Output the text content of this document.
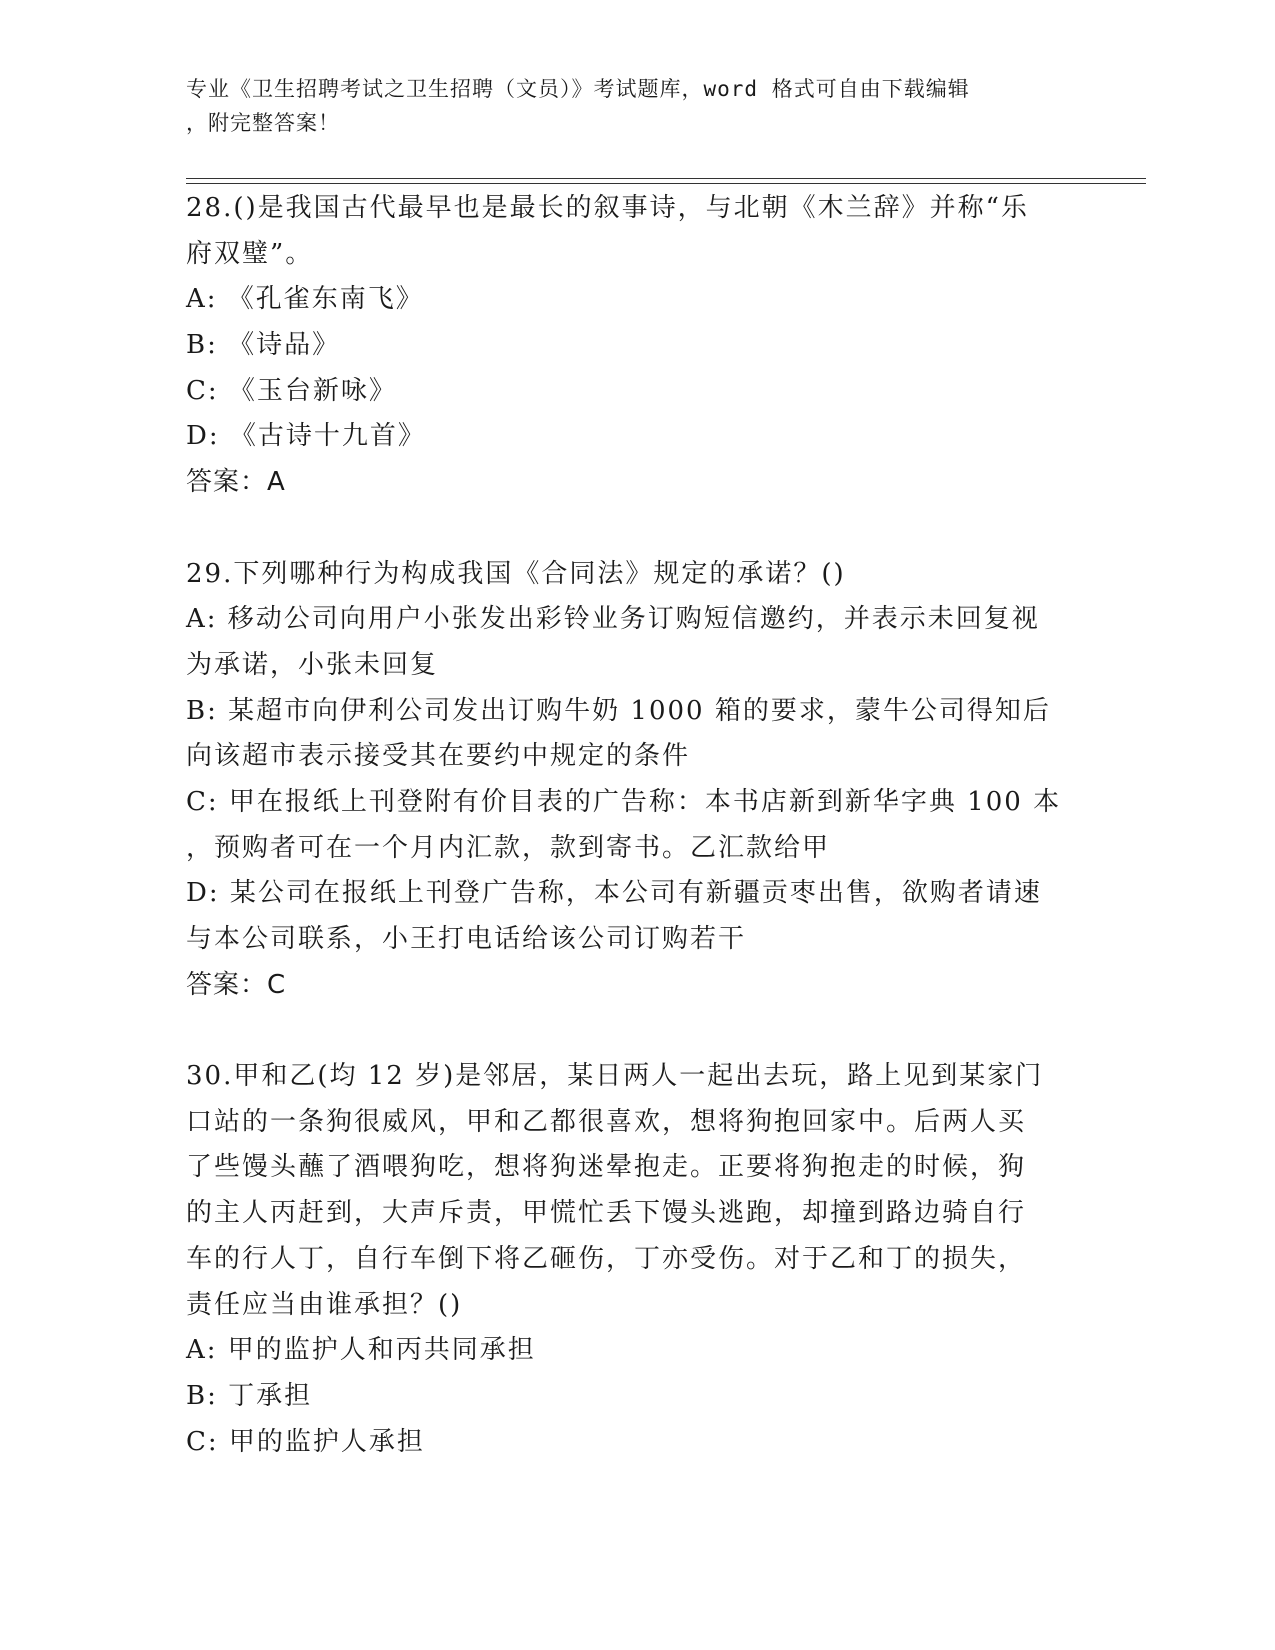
专业《卫生招聘考试之卫生招聘（文员）》考试题库，word 格式可自由下载编辑
，附完整答案！
28.()是我国古代最早也是最长的叙事诗，与北朝《木兰辞》并称“乐
府双璧”。
A: 《孔雀东南飞》
B: 《诗品》
C: 《玉台新咏》
D: 《古诗十九首》
答案：A
29.下列哪种行为构成我国《合同法》规定的承诺？()
A: 移动公司向用户小张发出彩铃业务订购短信邀约，并表示未回复视
为承诺，小张未回复
B: 某超市向伊利公司发出订购牛奶 1000 箱的要求，蒙牛公司得知后
向该超市表示接受其在要约中规定的条件
C: 甲在报纸上刊登附有价目表的广告称：本书店新到新华字典 100 本
，预购者可在一个月内汇款，款到寄书。乙汇款给甲
D: 某公司在报纸上刊登广告称，本公司有新疆贡枣出售，欲购者请速
与本公司联系，小王打电话给该公司订购若干
答案：C
30.甲和乙(均 12 岁)是邻居，某日两人一起出去玩，路上见到某家门
口站的一条狗很威风，甲和乙都很喜欢，想将狗抱回家中。后两人买
了些馒头蘸了酒喂狗吃，想将狗迷晕抱走。正要将狗抱走的时候，狗
的主人丙赶到，大声斥责，甲慌忙丢下馒头逃跑，却撞到路边骑自行
车的行人丁，自行车倒下将乙砸伤，丁亦受伤。对于乙和丁的损失，
责任应当由谁承担？()
A: 甲的监护人和丙共同承担
B: 丁承担
C: 甲的监护人承担
